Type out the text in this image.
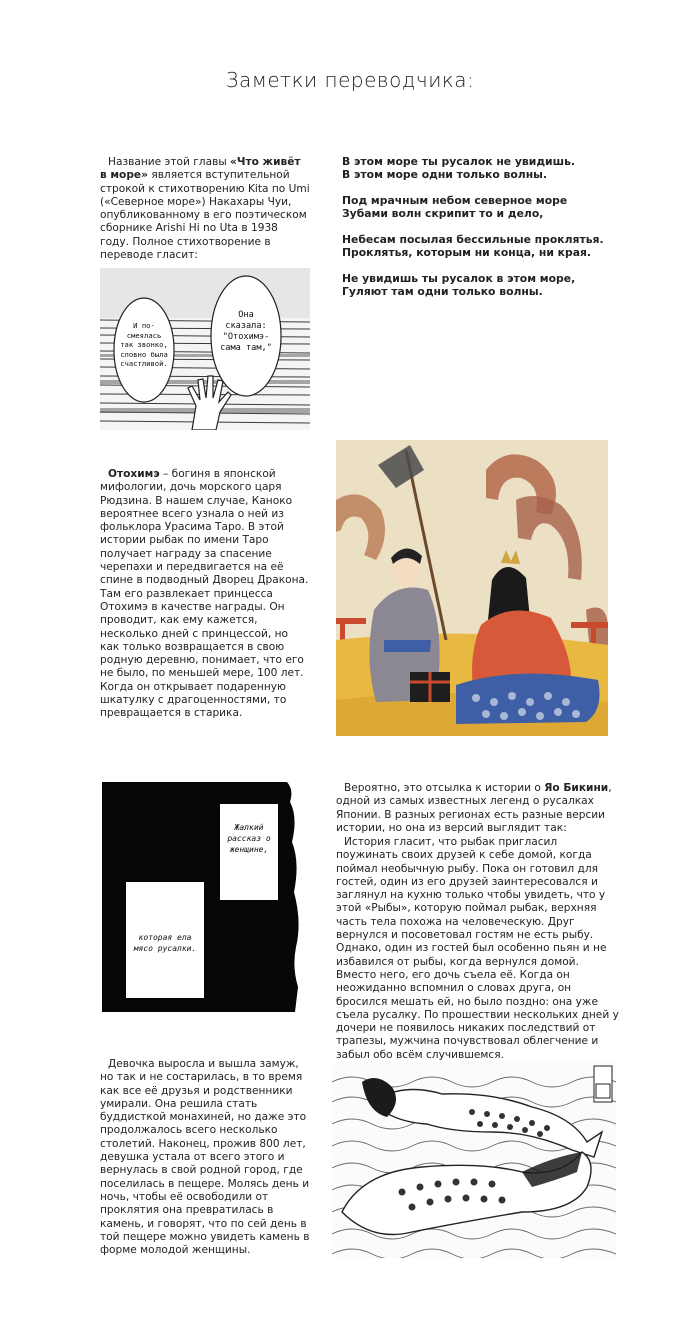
Заметки переводчика:
Название этой главы «Что живёт в море» является вступительной строкой к стихотворению Kita по Umi («Северное море») Накахары Чуи, опубликованному в его поэтическом сборнике Arishi Hi no Uta в 1938 году. Полное стихотворение в переводе гласит:
В этом море ты русалок не увидишь.
В этом море одни только волны.
Под мрачным небом северное море
Зубами волн скрипит то и дело,
Небесам посылая бессильные проклятья.
Проклятья, которым ни конца, ни края.
Не увидишь ты русалок в этом море,
Гуляют там одни только волны.
И по-
смеялась
так звонко,
словно была
счастливой.
Она
сказала:
"Отохимэ-
сама там,"
Отохимэ – богиня в японской мифологии, дочь морского царя Рюдзина. В нашем случае, Каноко вероятнее всего узнала о ней из фольклора Урасима Таро. В этой истории рыбак по имени Таро получает награду за спасение черепахи и передвигается на её спине в подводный Дворец Дракона. Там его развлекает принцесса Отохимэ в качестве награды. Он проводит, как ему кажется, несколько дней с принцессой, но как только возвращается в свою родную деревню, понимает, что его не было, по меньшей мере, 100 лет. Когда он открывает подаренную шкатулку с драгоценностями, то превращается в старика.
Жалкий
рассказ о
женщине,
которая ела
мясо русалки.
Вероятно, это отсылка к истории о Яо Бикини, одной из самых известных легенд о русалках Японии. В разных регионах есть разные версии истории, но она из версий выглядит так:
История гласит, что рыбак пригласил поужинать своих друзей к себе домой, когда поймал необычную рыбу. Пока он готовил для гостей, один из его друзей заинтересовался и заглянул на кухню только чтобы увидеть, что у этой «Рыбы», которую поймал рыбак, верхняя часть тела похожа на человеческую. Друг вернулся и посоветовал гостям не есть рыбу. Однако, один из гостей был особенно пьян и не избавился от рыбы, когда вернулся домой. Вместо него, его дочь съела её. Когда он неожиданно вспомнил о словах друга, он бросился мешать ей, но было поздно: она уже съела русалку. По прошествии нескольких дней у дочери не появилось никаких последствий от трапезы, мужчина почувствовал облегчение и забыл обо всём случившемся.
Девочка выросла и вышла замуж, но так и не состарилась, в то время как все её друзья и родственники умирали. Она решила стать буддисткой монахиней, но даже это продолжалось всего несколько столетий. Наконец, прожив 800 лет, девушка устала от всего этого и вернулась в свой родной город, где поселилась в пещере. Молясь день и ночь, чтобы её освободили от проклятия она превратилась в камень, и говорят, что по сей день в той пещере можно увидеть камень в форме молодой женщины.
